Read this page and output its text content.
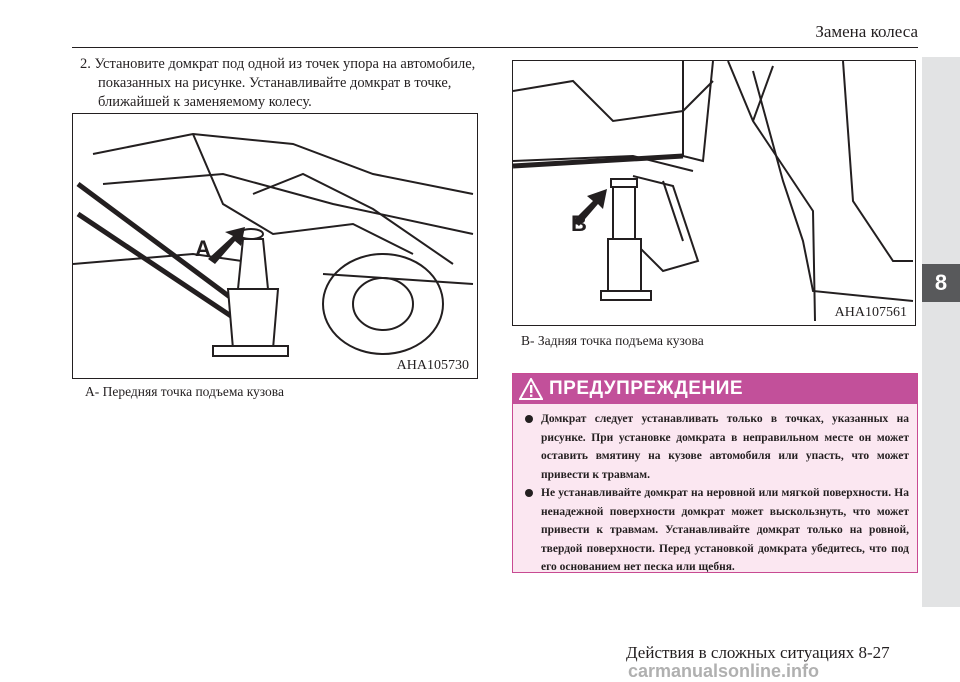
Замена колеса
8
2. Установите домкрат под одной из точек упора на автомобиле, показанных на рисунке. Устанавливайте домкрат в точке, ближайшей к заменяемому колесу.
A
AHA105730
A- Передняя точка подъема кузова
B
AHA107561
B- Задняя точка подъема кузова
ПРЕДУПРЕЖДЕНИЕ
Домкрат следует устанавливать только в точках, указанных на рисунке. При установке домкрата в неправильном месте он может оставить вмятину на кузове автомобиля или упасть, что может привести к травмам.
Не устанавливайте домкрат на неровной или мягкой поверхности. На ненадежной поверхности домкрат может выскользнуть, что может привести к травмам. Устанавливайте домкрат только на ровной, твердой поверхности. Перед установкой домкрата убедитесь, что под его основанием нет песка или щебня.
Действия в сложных ситуациях 8-27
carmanualsonline.info
